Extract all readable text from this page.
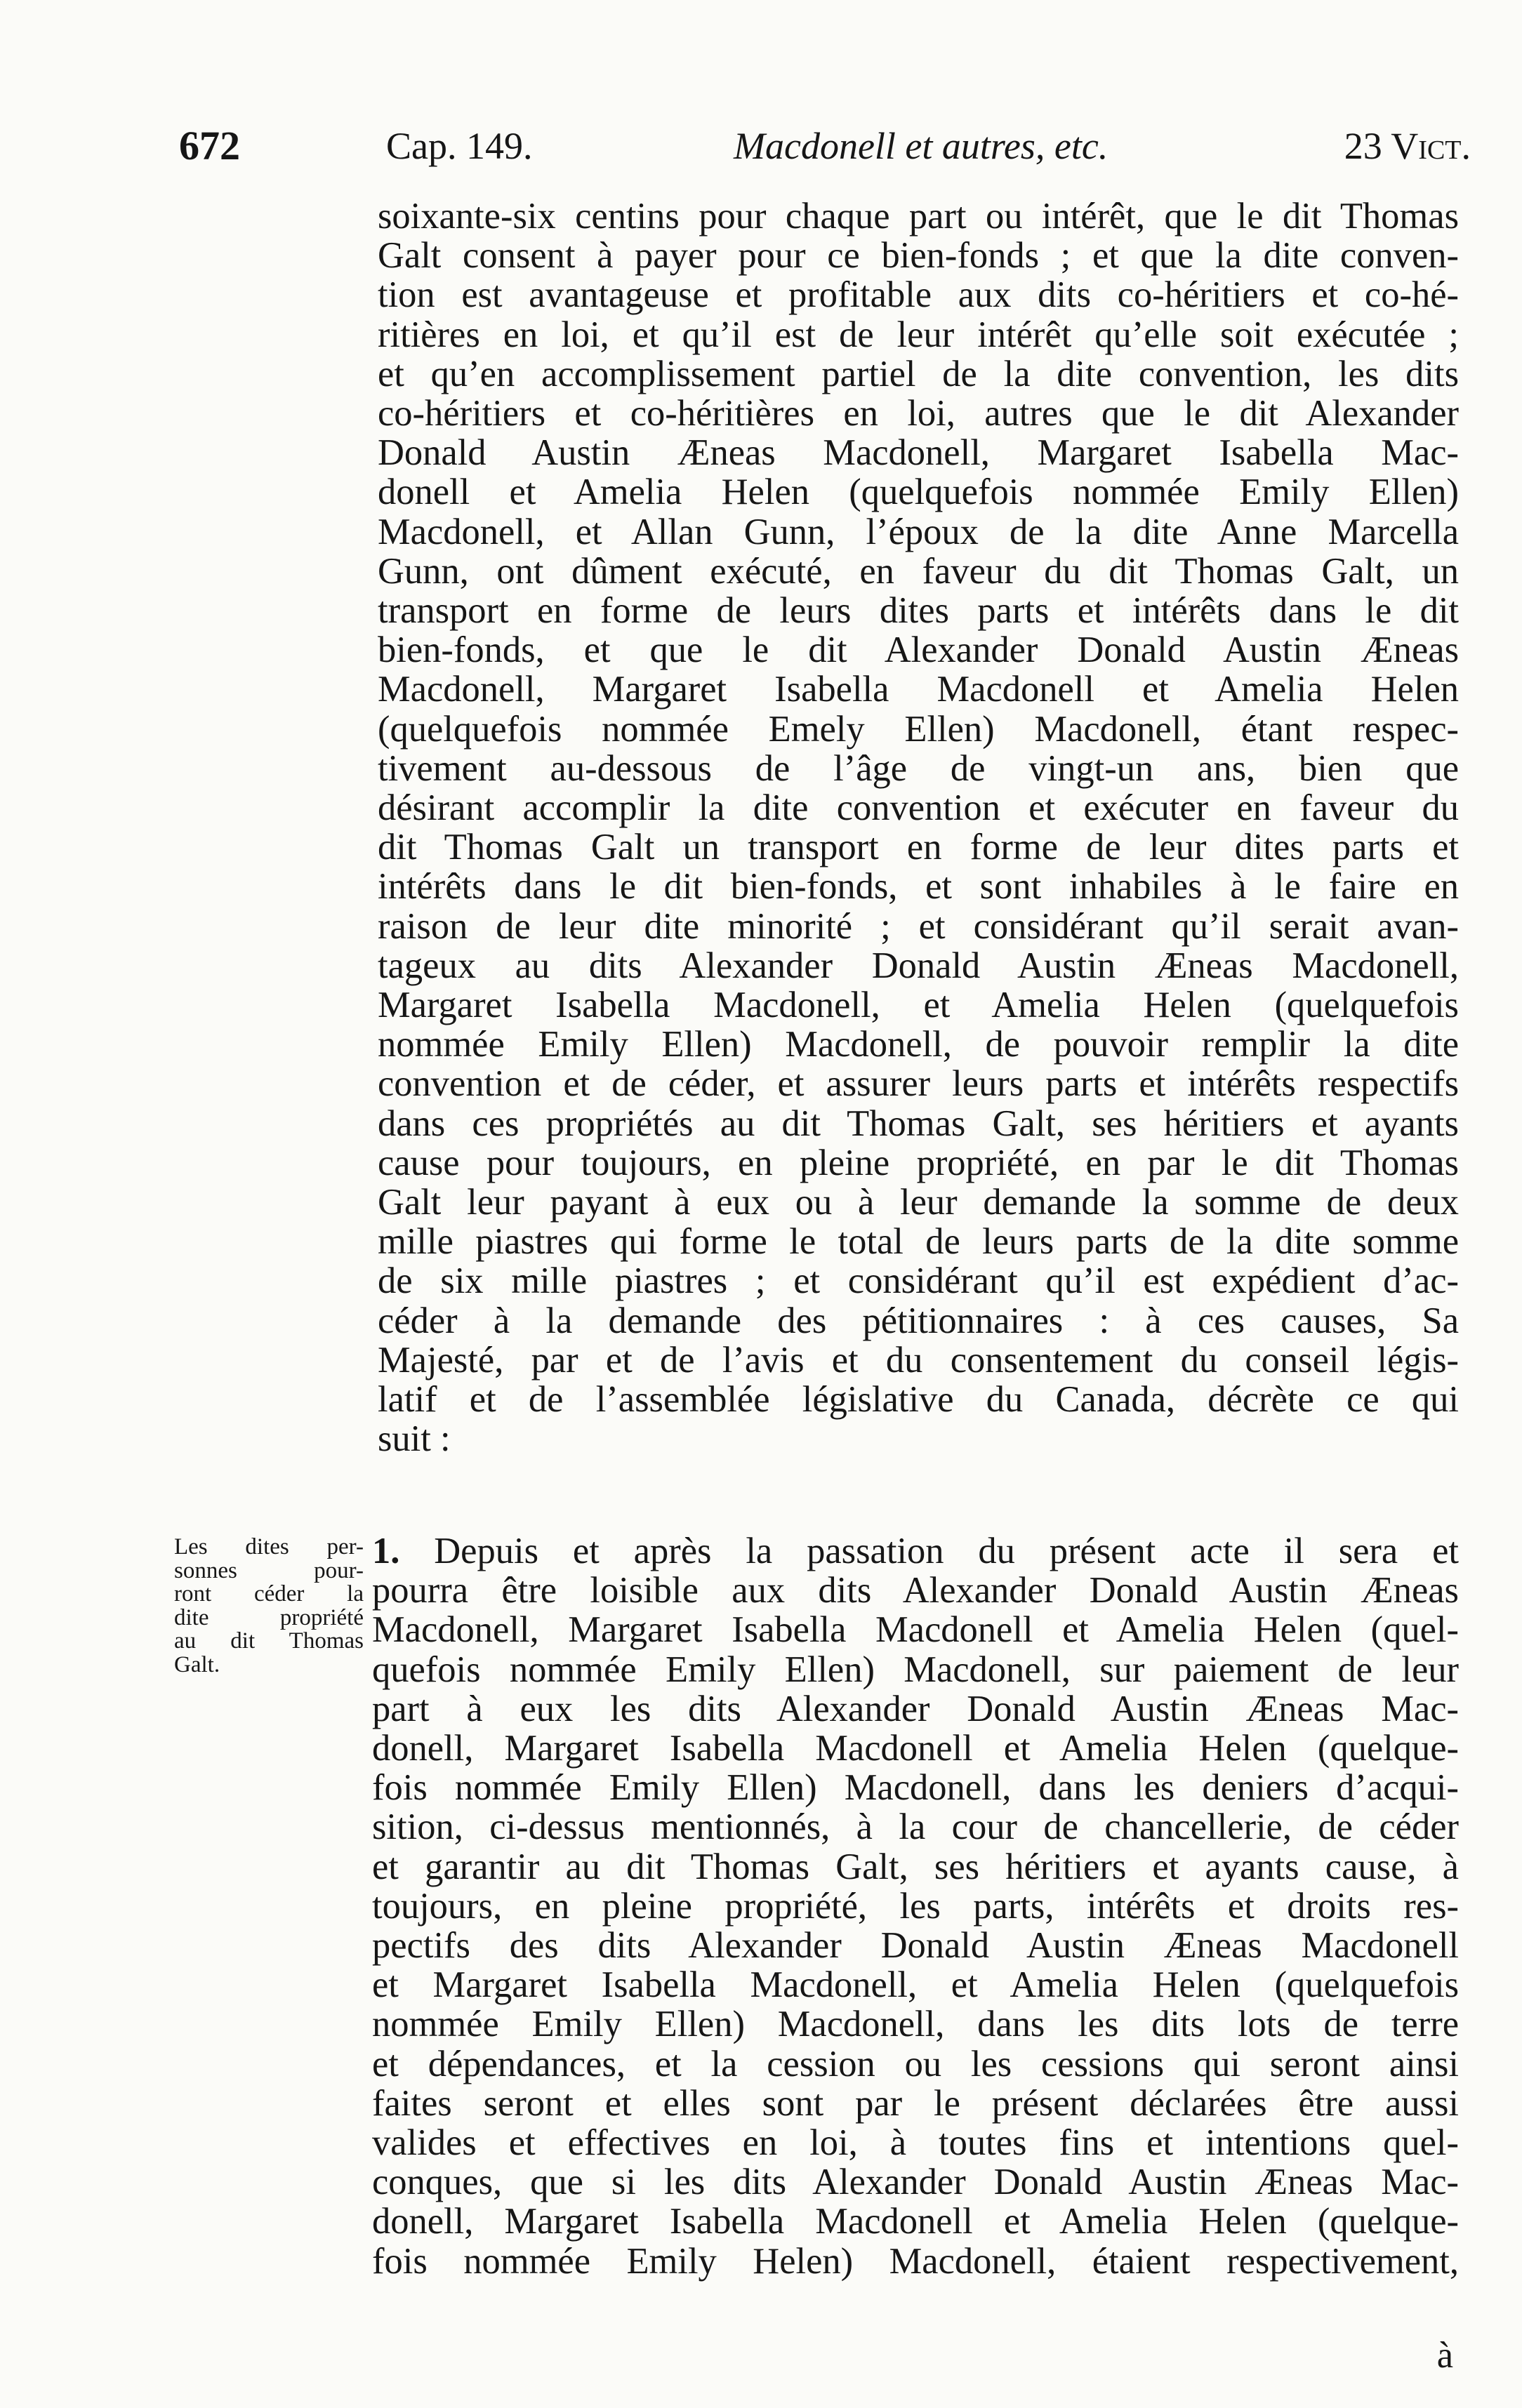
672	Cap. 149.	Macdonell et autres, etc.	23 Vict.
soixante-six centins pour chaque part ou intérêt, que le dit Thomas
Galt consent à payer pour ce bien-fonds ; et que la dite conven-
tion est avantageuse et profitable aux dits co-héritiers et co-hé-
ritières en loi, et qu’il est de leur intérêt qu’elle soit exécutée ;
et qu’en accomplissement partiel de la dite convention, les dits
co-héritiers et co-héritières en loi, autres que le dit Alexander
Donald Austin Æneas Macdonell, Margaret Isabella Mac-
donell et Amelia Helen (quelquefois nommée Emily Ellen)
Macdonell, et Allan Gunn, l’époux de la dite Anne Marcella
Gunn, ont dûment exécuté, en faveur du dit Thomas Galt, un
transport en forme de leurs dites parts et intérêts dans le dit
bien-fonds, et que le dit Alexander Donald Austin Æneas
Macdonell, Margaret Isabella Macdonell et Amelia Helen
(quelquefois nommée Emely Ellen) Macdonell, étant respec-
tivement au-dessous de l’âge de vingt-un ans, bien que
désirant accomplir la dite convention et exécuter en faveur du
dit Thomas Galt un transport en forme de leur dites parts et
intérêts dans le dit bien-fonds, et sont inhabiles à le faire en
raison de leur dite minorité ; et considérant qu’il serait avan-
tageux au dits Alexander Donald Austin Æneas Macdonell,
Margaret Isabella Macdonell, et Amelia Helen (quelquefois
nommée Emily Ellen) Macdonell, de pouvoir remplir la dite
convention et de céder, et assurer leurs parts et intérêts respectifs
dans ces propriétés au dit Thomas Galt, ses héritiers et ayants
cause pour toujours, en pleine propriété, en par le dit Thomas
Galt leur payant à eux ou à leur demande la somme de deux
mille piastres qui forme le total de leurs parts de la dite somme
de six mille piastres ; et considérant qu’il est expédient d’ac-
céder à la demande des pétitionnaires : à ces causes, Sa
Majesté, par et de l’avis et du consentement du conseil légis-
latif et de l’assemblée législative du Canada, décrète ce qui
suit :
Les dites per-
sonnes pour-
ront céder la
dite propriété
au dit Thomas
Galt.
1. Depuis et après la passation du présent acte il sera et
pourra être loisible aux dits Alexander Donald Austin Æneas
Macdonell, Margaret Isabella Macdonell et Amelia Helen (quel-
quefois nommée Emily Ellen) Macdonell, sur paiement de leur
part à eux les dits Alexander Donald Austin Æneas Mac-
donell, Margaret Isabella Macdonell et Amelia Helen (quelque-
fois nommée Emily Ellen) Macdonell, dans les deniers d’acqui-
sition, ci-dessus mentionnés, à la cour de chancellerie, de céder
et garantir au dit Thomas Galt, ses héritiers et ayants cause, à
toujours, en pleine propriété, les parts, intérêts et droits res-
pectifs des dits Alexander Donald Austin Æneas Macdonell
et Margaret Isabella Macdonell, et Amelia Helen (quelquefois
nommée Emily Ellen) Macdonell, dans les dits lots de terre
et dépendances, et la cession ou les cessions qui seront ainsi
faites seront et elles sont par le présent déclarées être aussi
valides et effectives en loi, à toutes fins et intentions quel-
conques, que si les dits Alexander Donald Austin Æneas Mac-
donell, Margaret Isabella Macdonell et Amelia Helen (quelque-
fois nommée Emily Helen) Macdonell, étaient respectivement,
à
